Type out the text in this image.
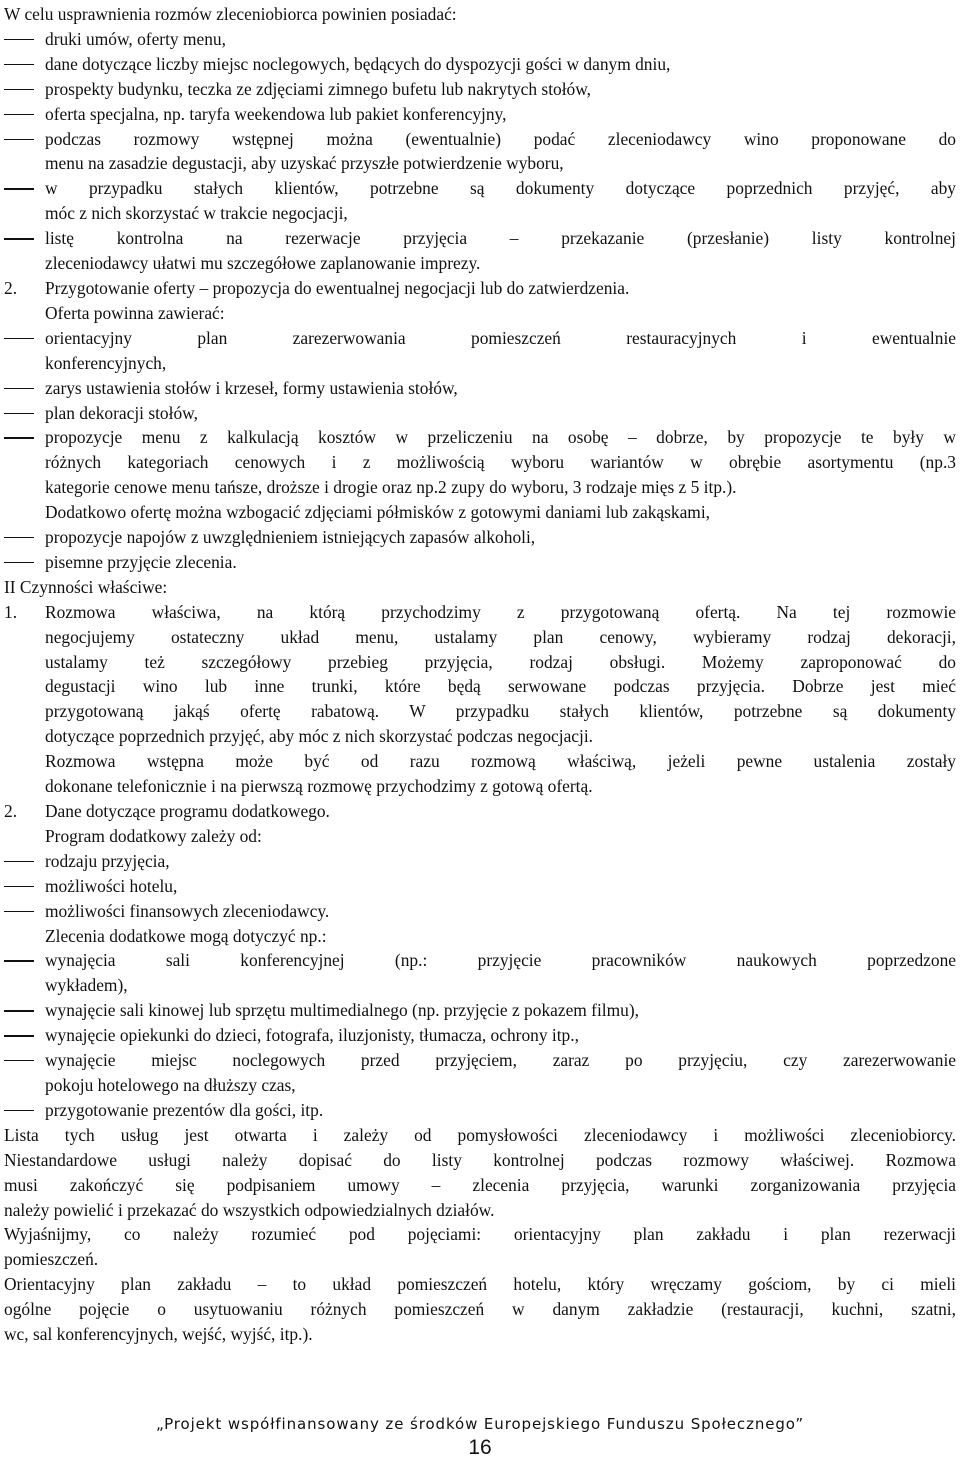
W celu usprawnienia rozmów zleceniobiorca powinien posiadać:
druki umów, oferty menu,
dane dotyczące liczby miejsc noclegowych, będących do dyspozycji gości w danym dniu,
prospekty budynku, teczka ze zdjęciami zimnego bufetu lub nakrytych stołów,
oferta specjalna, np. taryfa weekendowa lub pakiet konferencyjny,
podczas rozmowy wstępnej można (ewentualnie) podać zleceniodawcy wino proponowane do
menu na zasadzie degustacji, aby uzyskać przyszłe potwierdzenie wyboru,
w przypadku stałych klientów, potrzebne są dokumenty dotyczące poprzednich przyjęć, aby
móc z nich skorzystać w trakcie negocjacji,
listę kontrolna na rezerwacje przyjęcia – przekazanie (przesłanie) listy kontrolnej
zleceniodawcy ułatwi mu szczegółowe zaplanowanie imprezy.
2. Przygotowanie oferty – propozycja do ewentualnej negocjacji lub do zatwierdzenia.
Oferta powinna zawierać:
orientacyjny plan zarezerwowania pomieszczeń restauracyjnych i ewentualnie
konferencyjnych,
zarys ustawienia stołów i krzeseł, formy ustawienia stołów,
plan dekoracji stołów,
propozycje menu z kalkulacją kosztów w przeliczeniu na osobę – dobrze, by propozycje te były w
różnych kategoriach cenowych i z możliwością wyboru wariantów w obrębie asortymentu (np.3
kategorie cenowe menu tańsze, droższe i drogie oraz np.2 zupy do wyboru, 3 rodzaje mięs z 5 itp.).
Dodatkowo ofertę można wzbogacić zdjęciami półmisków z gotowymi daniami lub zakąskami,
propozycje napojów z uwzględnieniem istniejących zapasów alkoholi,
pisemne przyjęcie zlecenia.
II Czynności właściwe:
1. Rozmowa właściwa, na którą przychodzimy z przygotowaną ofertą. Na tej rozmowie
negocjujemy ostateczny układ menu, ustalamy plan cenowy, wybieramy rodzaj dekoracji,
ustalamy też szczegółowy przebieg przyjęcia, rodzaj obsługi. Możemy zaproponować do
degustacji wino lub inne trunki, które będą serwowane podczas przyjęcia. Dobrze jest mieć
przygotowaną jakąś ofertę rabatową. W przypadku stałych klientów, potrzebne są dokumenty
dotyczące poprzednich przyjęć, aby móc z nich skorzystać podczas negocjacji.
Rozmowa wstępna może być od razu rozmową właściwą, jeżeli pewne ustalenia zostały
dokonane telefonicznie i na pierwszą rozmowę przychodzimy z gotową ofertą.
2. Dane dotyczące programu dodatkowego.
Program dodatkowy zależy od:
rodzaju przyjęcia,
możliwości hotelu,
możliwości finansowych zleceniodawcy.
Zlecenia dodatkowe mogą dotyczyć np.:
wynajęcia sali konferencyjnej (np.: przyjęcie pracowników naukowych poprzedzone
wykładem),
wynajęcie sali kinowej lub sprzętu multimedialnego (np. przyjęcie z pokazem filmu),
wynajęcie opiekunki do dzieci, fotografa, iluzjonisty, tłumacza, ochrony itp.,
wynajęcie miejsc noclegowych przed przyjęciem, zaraz po przyjęciu, czy zarezerwowanie
pokoju hotelowego na dłuższy czas,
przygotowanie prezentów dla gości, itp.
Lista tych usług jest otwarta i zależy od pomysłowości zleceniodawcy i możliwości zleceniobiorcy.
Niestandardowe usługi należy dopisać do listy kontrolnej podczas rozmowy właściwej. Rozmowa
musi zakończyć się podpisaniem umowy – zlecenia przyjęcia, warunki zorganizowania przyjęcia
należy powielić i przekazać do wszystkich odpowiedzialnych działów.
Wyjaśnijmy, co należy rozumieć pod pojęciami: orientacyjny plan zakładu i plan rezerwacji
pomieszczeń.
Orientacyjny plan zakładu – to układ pomieszczeń hotelu, który wręczamy gościom, by ci mieli
ogólne pojęcie o usytuowaniu różnych pomieszczeń w danym zakładzie (restauracji, kuchni, szatni,
wc, sal konferencyjnych, wejść, wyjść, itp.).
„Projekt współfinansowany ze środków Europejskiego Funduszu Społecznego”
16
